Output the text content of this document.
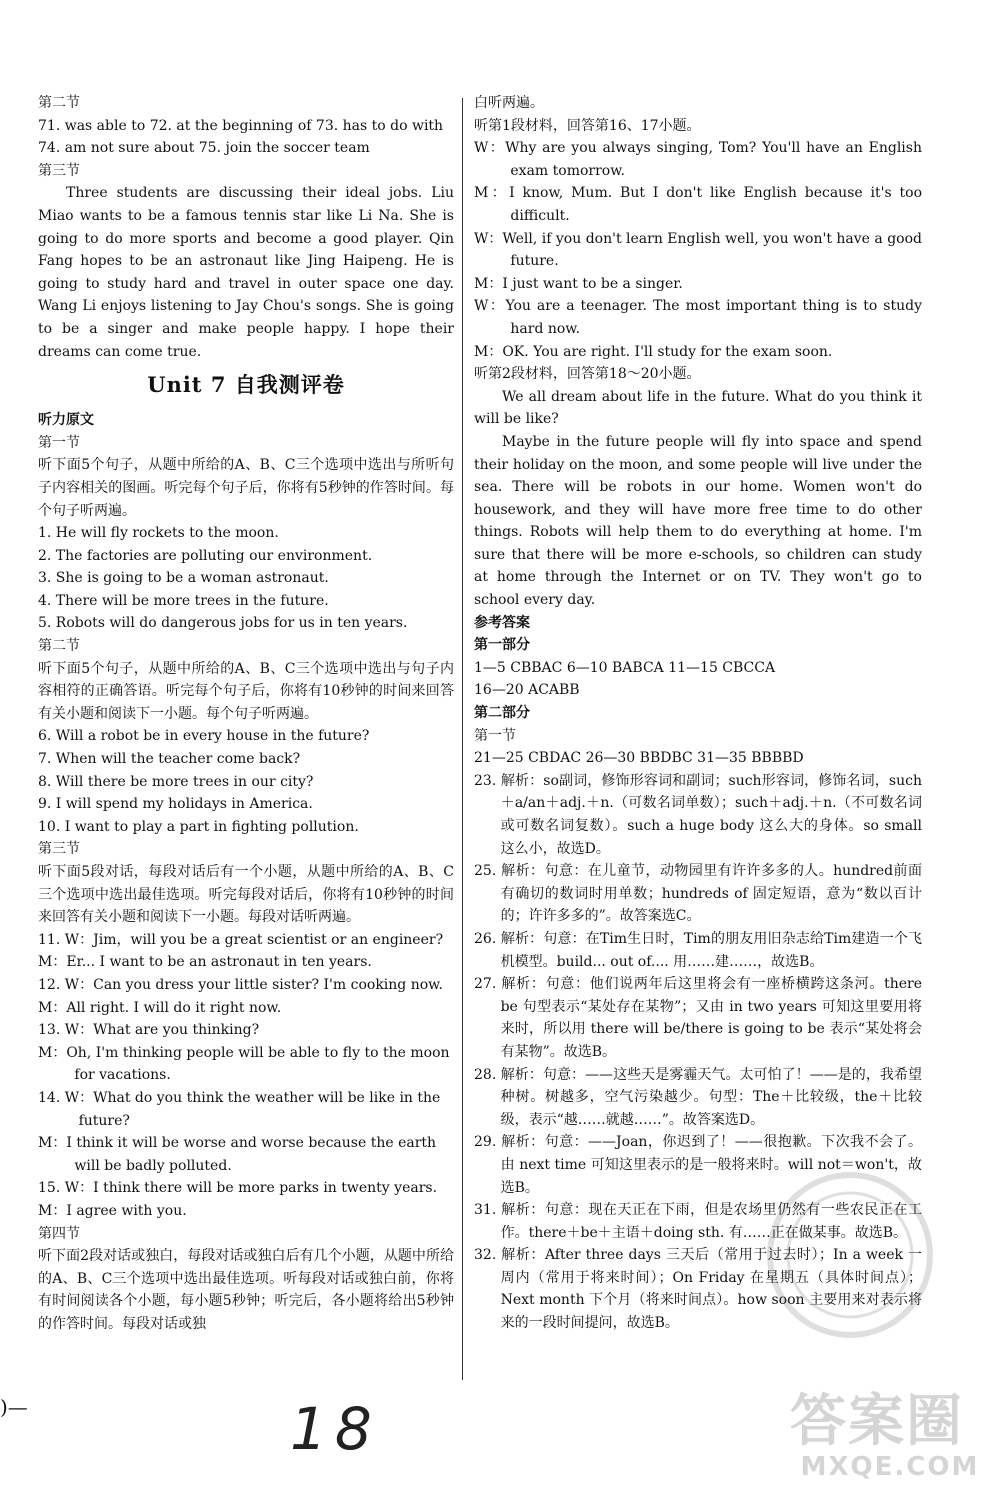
第二节

71. was able to 72. at the beginning of 73. has to do with

74. am not sure about 75. join the soccer team

第三节

Three students are discussing their ideal jobs. Liu Miao wants to be a famous tennis star like Li Na. She is going to do more sports and become a good player. Qin Fang hopes to be an astronaut like Jing Haipeng. He is going to study hard and travel in outer space one day. Wang Li enjoys listening to Jay Chou's songs. She is going to be a singer and make people happy. I hope their dreams can come true.

Unit 7 自我测评卷

听力原文

第一节

听下面5个句子，从题中所给的A、B、C三个选项中选出与所听句子内容相关的图画。听完每个句子后，你将有5秒钟的作答时间。每个句子听两遍。

1. He will fly rockets to the moon.

2. The factories are polluting our environment.

3. She is going to be a woman astronaut.

4. There will be more trees in the future.

5. Robots will do dangerous jobs for us in ten years.

第二节

听下面5个句子，从题中所给的A、B、C三个选项中选出与句子内容相符的正确答语。听完每个句子后，你将有10秒钟的时间来回答有关小题和阅读下一小题。每个句子听两遍。

6. Will a robot be in every house in the future?

7. When will the teacher come back?

8. Will there be more trees in our city?

9. I will spend my holidays in America.

10. I want to play a part in fighting pollution.

第三节

听下面5段对话，每段对话后有一个小题，从题中所给的A、B、C三个选项中选出最佳选项。听完每段对话后，你将有10秒钟的时间来回答有关小题和阅读下一小题。每段对话听两遍。

11. W：Jim，will you be a great scientist or an engineer?

M：Er... I want to be an astronaut in ten years.

12. W：Can you dress your little sister? I'm cooking now.

M：All right. I will do it right now.

13. W：What are you thinking?

M：Oh, I'm thinking people will be able to fly to the moon for vacations.

14. W：What do you think the weather will be like in the future?

M：I think it will be worse and worse because the earth will be badly polluted.

15. W：I think there will be more parks in twenty years.

M：I agree with you.

第四节

听下面2段对话或独白，每段对话或独白后有几个小题，从题中所给的A、B、C三个选项中选出最佳选项。听每段对话或独白前，你将有时间阅读各个小题，每小题5秒钟；听完后，各小题将给出5秒钟的作答时间。每段对话或独

白听两遍。

听第1段材料，回答第16、17小题。

W：Why are you always singing, Tom? You'll have an English exam tomorrow.

M：I know, Mum. But I don't like English because it's too difficult.

W：Well, if you don't learn English well, you won't have a good future.

M：I just want to be a singer.

W：You are a teenager. The most important thing is to study hard now.

M：OK. You are right. I'll study for the exam soon.

听第2段材料，回答第18～20小题。

We all dream about life in the future. What do you think it will be like?

Maybe in the future people will fly into space and spend their holiday on the moon, and some people will live under the sea. There will be robots in our home. Women won't do housework, and they will have more free time to do other things. Robots will help them to do everything at home. I'm sure that there will be more e-schools, so children can study at home through the Internet or on TV. They won't go to school every day.

参考答案

第一部分

1—5 CBBAC 6—10 BABCA 11—15 CBCCA

16—20 ACABB

第二部分

第一节

21—25 CBDAC 26—30 BBDBC 31—35 BBBBD

23. 解析：so副词，修饰形容词和副词；such形容词，修饰名词，such＋a/an＋adj.＋n.（可数名词单数）；such＋adj.＋n.（不可数名词或可数名词复数）。such a huge body 这么大的身体。so small 这么小，故选D。

25. 解析：句意：在儿童节，动物园里有许许多多的人。hundred前面有确切的数词时用单数；hundreds of 固定短语，意为“数以百计的；许许多多的”。故答案选C。

26. 解析：句意：在Tim生日时，Tim的朋友用旧杂志给Tim建造一个飞机模型。build... out of.... 用……建……，故选B。

27. 解析：句意：他们说两年后这里将会有一座桥横跨这条河。there be 句型表示“某处存在某物”；又由 in two years 可知这里要用将来时，所以用 there will be/there is going to be 表示“某处将会有某物”。故选B。

28. 解析：句意：——这些天是雾霾天气。太可怕了！——是的，我希望种树。树越多，空气污染越少。句型：The＋比较级，the＋比较级，表示“越……就越……”。故答案选D。

29. 解析：句意：——Joan，你迟到了！——很抱歉。下次我不会了。由 next time 可知这里表示的是一般将来时。will not＝won't，故选B。

31. 解析：句意：现在天正在下雨，但是农场里仍然有一些农民正在工作。there＋be＋主语＋doing sth. 有……正在做某事。故选B。

32. 解析：After three days 三天后（常用于过去时）；In a week 一周内（常用于将来时间）；On Friday 在星期五（具体时间点）；Next month 下个月（将来时间点）。how soon 主要用来对表示将来的一段时间提问，故选B。

)—	18	答案圈
MXQE.COM
